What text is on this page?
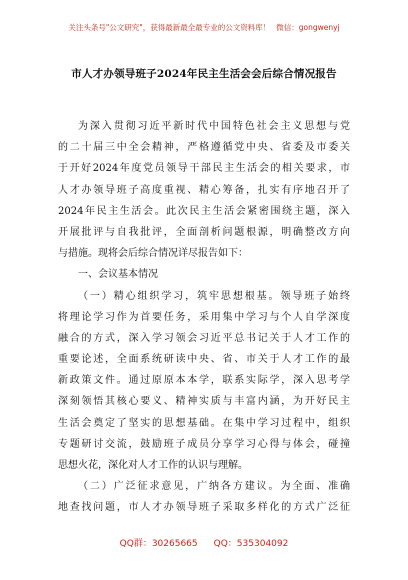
关注头条号"公文研究"，获得最新最全最专业的公文资料库！ 微信：gongwenyj
市人才办领导班子2024年民主生活会会后综合情况报告
为深入贯彻习近平新时代中国特色社会主义思想与党
的二十届三中全会精神，严格遵循党中央、省委及市委关
于开好2024年度党员领导干部民主生活会的相关要求，市
人才办领导班子高度重视、精心筹备，扎实有序地召开了
2024年民主生活会。此次民主生活会紧密围绕主题，深入
开展批评与自我批评，全面剖析问题根源，明确整改方向
与措施。现将会后综合情况详尽报告如下：
一、会议基本情况
（一）精心组织学习，筑牢思想根基。领导班子始终
将理论学习作为首要任务，采用集中学习与个人自学深度
融合的方式，深入学习领会习近平总书记关于人才工作的
重要论述，全面系统研读中央、省、市关于人才工作的最
新政策文件。通过原原本本学，联系实际学，深入思考学
深刻领悟其核心要义、精神实质与丰富内涵，为开好民主
生活会奠定了坚实的思想基础。在集中学习过程中，组织
专题研讨交流，鼓励班子成员分享学习心得与体会，碰撞
思想火花，深化对人才工作的认识与理解。
（二）广泛征求意见，广纳各方建议。为全面、准确
地查找问题，市人才办领导班子采取多样化的方式广泛征
QQ群：30265665 QQ：535304092
